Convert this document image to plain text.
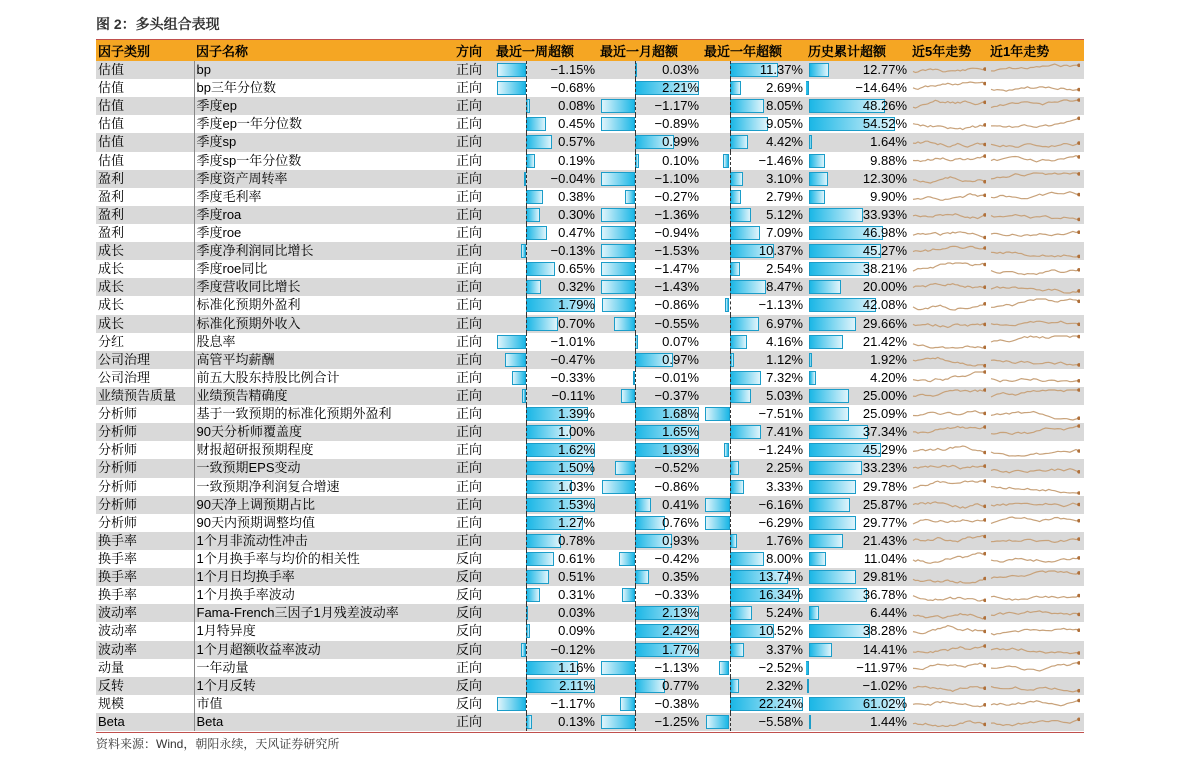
图 2：多头组合表现
因子类别	因子名称	方向	最近一周超额	最近一月超额	最近一年超额	历史累计超额	近5年走势	近1年走势
估值	bp	正向	−1.15%	0.03%	11.37%	12.77%	

估值	bp三年分位数	正向	−0.68%	2.21%	2.69%	−14.64%	

估值	季度ep	正向	0.08%	−1.17%	8.05%	48.26%	

估值	季度ep一年分位数	正向	0.45%	−0.89%	9.05%	54.52%	

估值	季度sp	正向	0.57%	0.99%	4.42%	1.64%	

估值	季度sp一年分位数	正向	0.19%	0.10%	−1.46%	9.88%	

盈利	季度资产周转率	正向	−0.04%	−1.10%	3.10%	12.30%	

盈利	季度毛利率	正向	0.38%	−0.27%	2.79%	9.90%	

盈利	季度roa	正向	0.30%	−1.36%	5.12%	33.93%	

盈利	季度roe	正向	0.47%	−0.94%	7.09%	46.98%	

成长	季度净利润同比增长	正向	−0.13%	−1.53%	10.37%	45.27%	

成长	季度roe同比	正向	0.65%	−1.47%	2.54%	38.21%	

成长	季度营收同比增长	正向	0.32%	−1.43%	8.47%	20.00%	

成长	标准化预期外盈利	正向	1.79%	−0.86%	−1.13%	42.08%	

成长	标准化预期外收入	正向	0.70%	−0.55%	6.97%	29.66%	

分红	股息率	正向	−1.01%	0.07%	4.16%	21.42%	

公司治理	高管平均薪酬	正向	−0.47%	0.97%	1.12%	1.92%	

公司治理	前五大股东持股比例合计	正向	−0.33%	−0.01%	7.32%	4.20%	

业绩预告质量	业绩预告精确度	正向	−0.11%	−0.37%	5.03%	25.00%	

分析师	基于一致预期的标准化预期外盈利	正向	1.39%	1.68%	−7.51%	25.09%	

分析师	90天分析师覆盖度	正向	1.00%	1.65%	7.41%	37.34%	

分析师	财报超研报预期程度	正向	1.62%	1.93%	−1.24%	45.29%	

分析师	一致预期EPS变动	正向	1.50%	−0.52%	2.25%	33.23%	

分析师	一致预期净利润复合增速	正向	1.03%	−0.86%	3.33%	29.78%	

分析师	90天净上调预期占比	正向	1.53%	0.41%	−6.16%	25.87%	

分析师	90天内预期调整均值	正向	1.27%	0.76%	−6.29%	29.77%	

换手率	1个月非流动性冲击	正向	0.78%	0.93%	1.76%	21.43%	

换手率	1个月换手率与均价的相关性	反向	0.61%	−0.42%	8.00%	11.04%	

换手率	1个月日均换手率	反向	0.51%	0.35%	13.74%	29.81%	

换手率	1个月换手率波动	反向	0.31%	−0.33%	16.34%	36.78%	

波动率	Fama-French三因子1月残差波动率	反向	0.03%	2.13%	5.24%	6.44%	

波动率	1月特异度	反向	0.09%	2.42%	10.52%	38.28%	

波动率	1个月超额收益率波动	反向	−0.12%	1.77%	3.37%	14.41%	

动量	一年动量	正向	1.16%	−1.13%	−2.52%	−11.97%	

反转	1个月反转	反向	2.11%	0.77%	2.32%	−1.02%	

规模	市值	反向	−1.17%	−0.38%	22.24%	61.02%	

Beta	Beta	正向	0.13%	−1.25%	−5.58%	1.44%	

资料来源：Wind，朝阳永续，天风证券研究所
